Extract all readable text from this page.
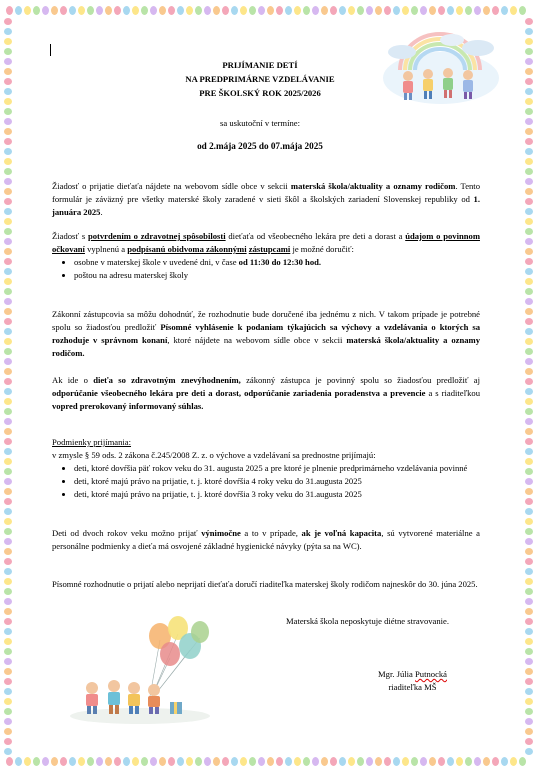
PRIJÍMANIE DETÍ
NA PREDPRIMÁRNE VZDELÁVANIE
PRE ŠKOLSKÝ ROK 2025/2026
sa uskutoční v termíne:
od 2.mája 2025 do 07.mája 2025
Žiadosť o prijatie dieťaťa nájdete na webovom sídle obce v sekcii materská škola/aktuality a oznamy rodičom. Tento formulár je záväzný pre všetky materské školy zaradené v sieti škôl a školských zariadení Slovenskej republiky od 1. januára 2025.
Žiadosť s potvrdením o zdravotnej spôsobilosti dieťaťa od všeobecného lekára pre deti a dorast a údajom o povinnom očkovaní vyplnenú a podpísanú obidvoma zákonnými zástupcami je možné doručiť:
• osobne v materskej škole v uvedené dni, v čase od 11:30 do 12:30 hod.
• poštou na adresu materskej školy
Zákonní zástupcovia sa môžu dohodnúť, že rozhodnutie bude doručené iba jednému z nich. V takom prípade je potrebné spolu so žiadosťou predložiť Písomné vyhlásenie k podaniam týkajúcich sa výchovy a vzdelávania o ktorých sa rozhoduje v správnom konaní, ktoré nájdete na webovom sídle obce v sekcii materská škola/aktuality a oznamy rodičom.
Ak ide o dieťa so zdravotným znevýhodnením, zákonný zástupca je povinný spolu so žiadosťou predložiť aj odporúčanie všeobecného lekára pre deti a dorast, odporúčanie zariadenia poradenstva a prevencie a s riaditeľkou vopred prerokovaný informovaný súhlas.
Podmienky prijímania:
v zmysle § 59 ods. 2 zákona č.245/2008 Z. z. o výchove a vzdelávaní sa prednostne prijímajú:
• deti, ktoré dovŕšia päť rokov veku do 31. augusta 2025 a pre ktoré je plnenie predprimárneho vzdelávania povinné
• deti, ktoré majú právo na prijatie, t. j. ktoré dovŕšia 4 roky veku do 31.augusta 2025
• deti, ktoré majú právo na prijatie, t. j. ktoré dovŕšia 3 roky veku do 31.augusta 2025
Deti od dvoch rokov veku možno prijať výnimočne a to v prípade, ak je voľná kapacita, sú vytvorené materiálne a personálne podmienky a dieťa má osvojené základné hygienické návyky (pýta sa na WC).
Písomné rozhodnutie o prijatí alebo neprijatí dieťaťa doručí riaditeľka materskej školy rodičom najneskôr do 30. júna 2025.
Materská škola neposkytuje diétne stravovanie.
Mgr. Júlia Putnocká
riaditeľka MŠ
